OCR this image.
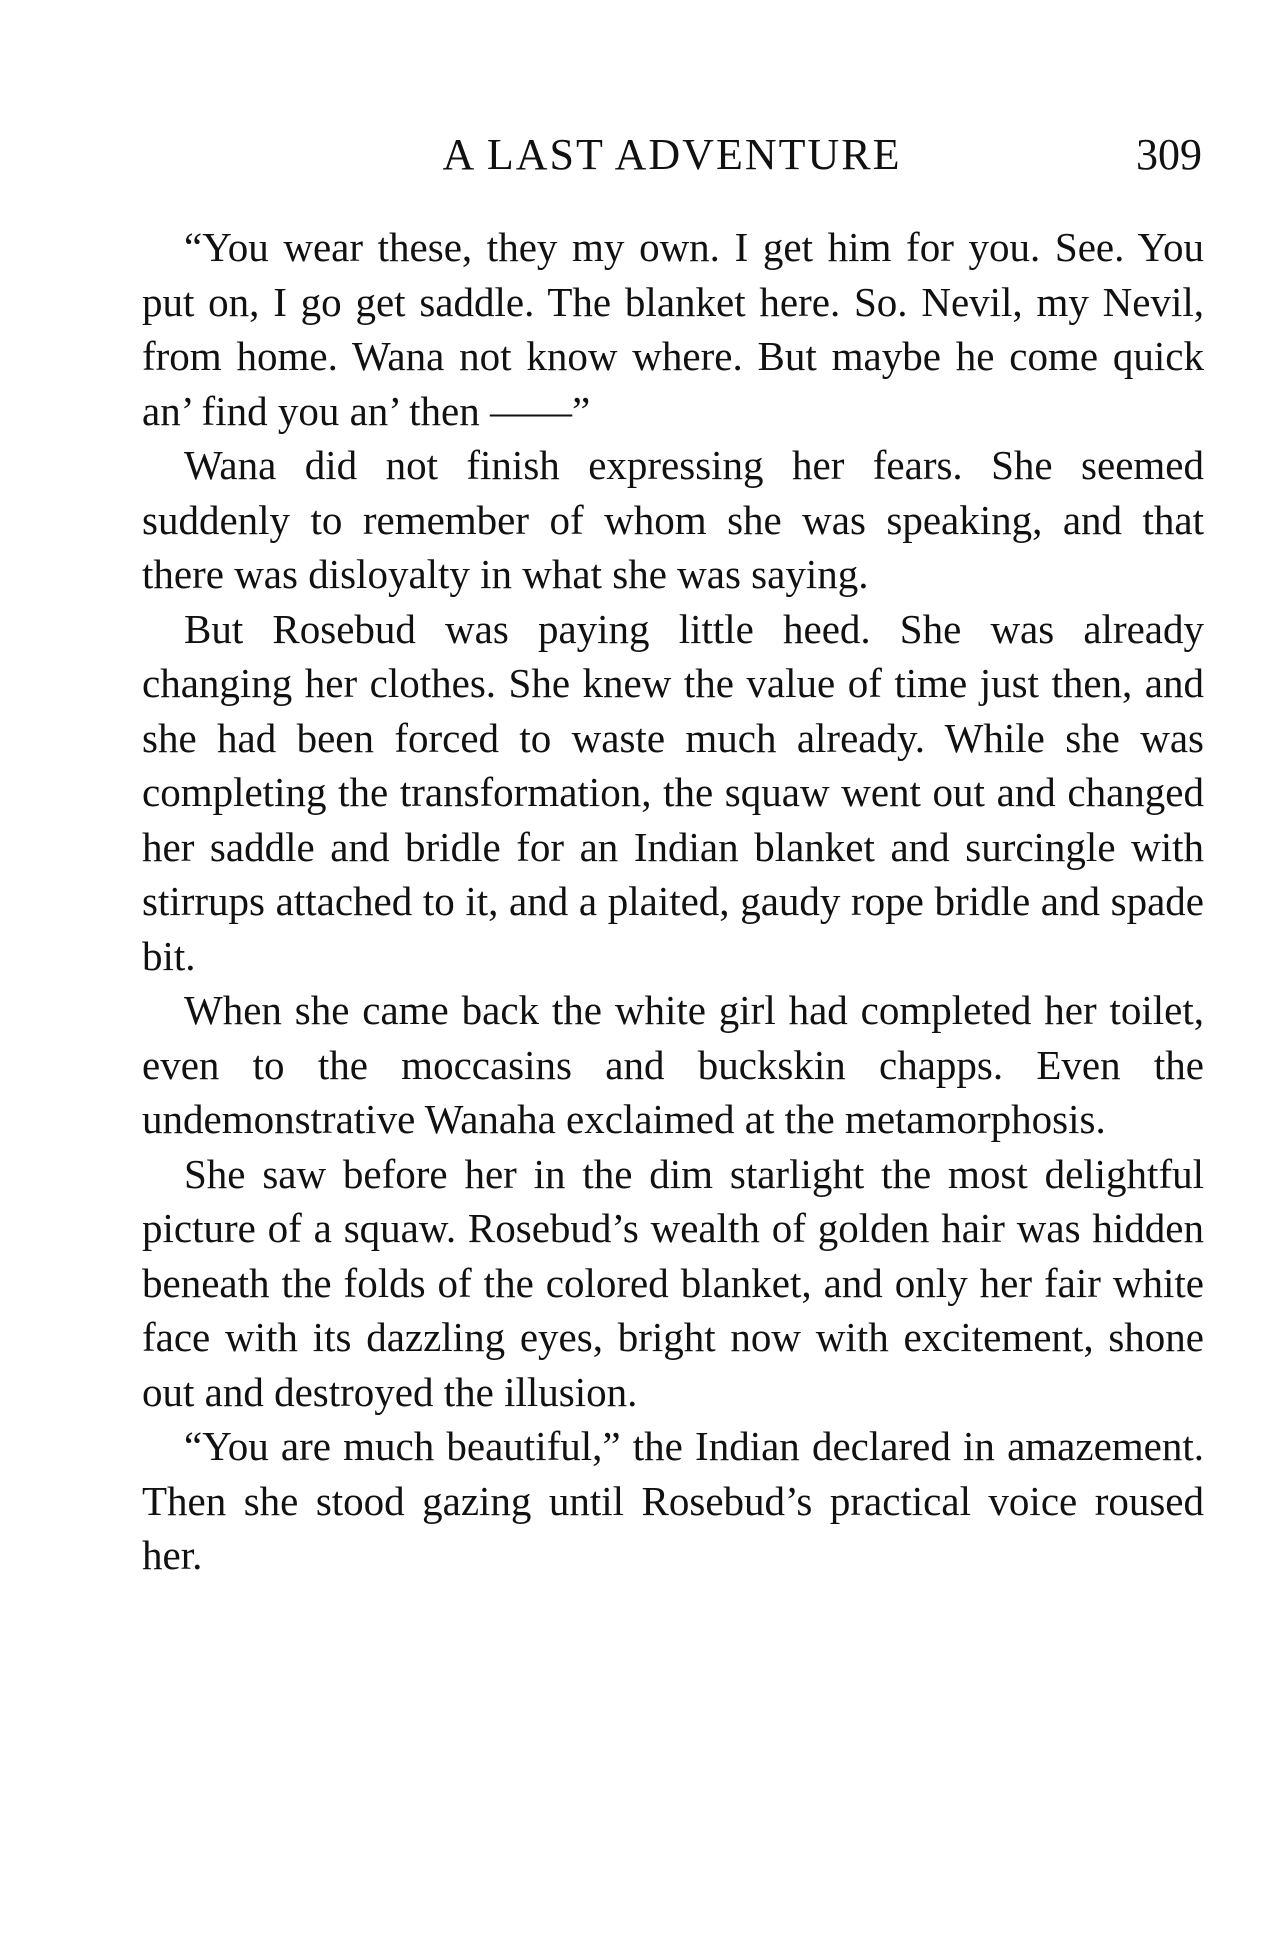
A LAST ADVENTURE	309

“You wear these, they my own. I get him for you. See. You put on, I go get saddle. The blanket here. So. Nevil, my Nevil, from home. Wana not know where. But maybe he come quick an’ find you an’ then ——”

Wana did not finish expressing her fears. She seemed suddenly to remember of whom she was speaking, and that there was disloyalty in what she was saying.

But Rosebud was paying little heed. She was already changing her clothes. She knew the value of time just then, and she had been forced to waste much already. While she was completing the transformation, the squaw went out and changed her saddle and bridle for an Indian blanket and surcingle with stirrups attached to it, and a plaited, gaudy rope bridle and spade bit.

When she came back the white girl had completed her toilet, even to the moccasins and buckskin chapps. Even the undemonstrative Wanaha exclaimed at the metamorphosis.

She saw before her in the dim starlight the most delightful picture of a squaw. Rosebud’s wealth of golden hair was hidden beneath the folds of the colored blanket, and only her fair white face with its dazzling eyes, bright now with excitement, shone out and destroyed the illusion.

“You are much beautiful,” the Indian declared in amazement. Then she stood gazing until Rosebud’s practical voice roused her.
